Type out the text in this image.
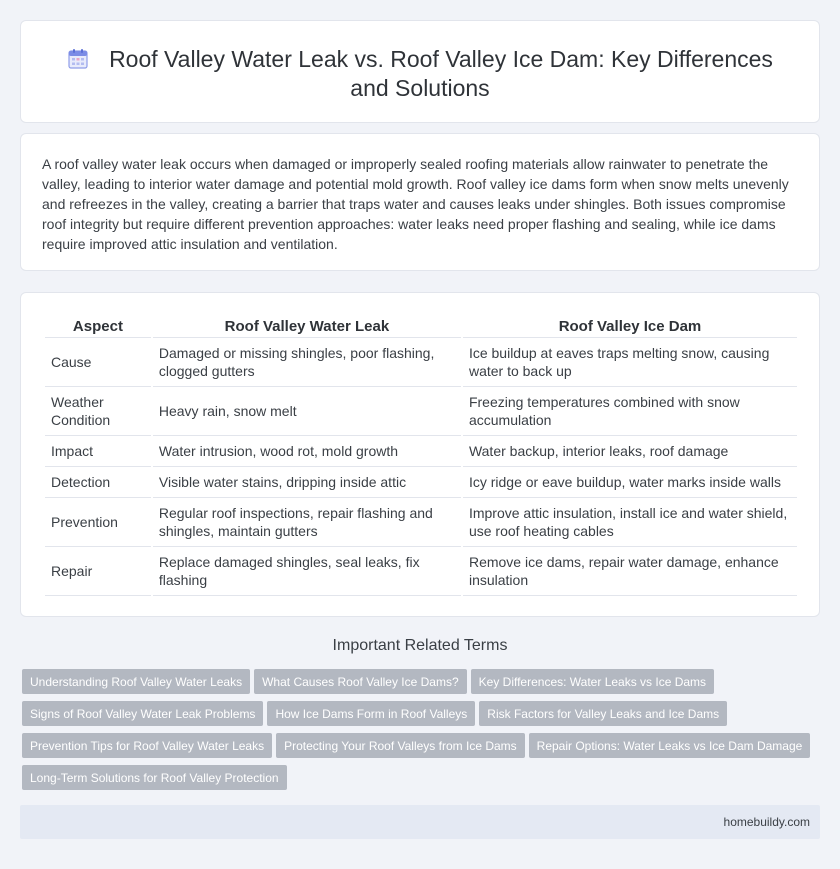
Roof Valley Water Leak vs. Roof Valley Ice Dam: Key Differences and Solutions

A roof valley water leak occurs when damaged or improperly sealed roofing materials allow rainwater to penetrate the valley, leading to interior water damage and potential mold growth. Roof valley ice dams form when snow melts unevenly and refreezes in the valley, creating a barrier that traps water and causes leaks under shingles. Both issues compromise roof integrity but require different prevention approaches: water leaks need proper flashing and sealing, while ice dams require improved attic insulation and ventilation.

Aspect	Roof Valley Water Leak	Roof Valley Ice Dam
Cause	Damaged or missing shingles, poor flashing, clogged gutters	Ice buildup at eaves traps melting snow, causing water to back up
Weather Condition	Heavy rain, snow melt	Freezing temperatures combined with snow accumulation
Impact	Water intrusion, wood rot, mold growth	Water backup, interior leaks, roof damage
Detection	Visible water stains, dripping inside attic	Icy ridge or eave buildup, water marks inside walls
Prevention	Regular roof inspections, repair flashing and shingles, maintain gutters	Improve attic insulation, install ice and water shield, use roof heating cables
Repair	Replace damaged shingles, seal leaks, fix flashing	Remove ice dams, repair water damage, enhance insulation
Important Related Terms
Understanding Roof Valley Water Leaks What Causes Roof Valley Ice Dams? Key Differences: Water Leaks vs Ice Dams
Signs of Roof Valley Water Leak Problems How Ice Dams Form in Roof Valleys Risk Factors for Valley Leaks and Ice Dams
Prevention Tips for Roof Valley Water Leaks Protecting Your Roof Valleys from Ice Dams Repair Options: Water Leaks vs Ice Dam Damage
Long-Term Solutions for Roof Valley Protection
homebuildy.com
